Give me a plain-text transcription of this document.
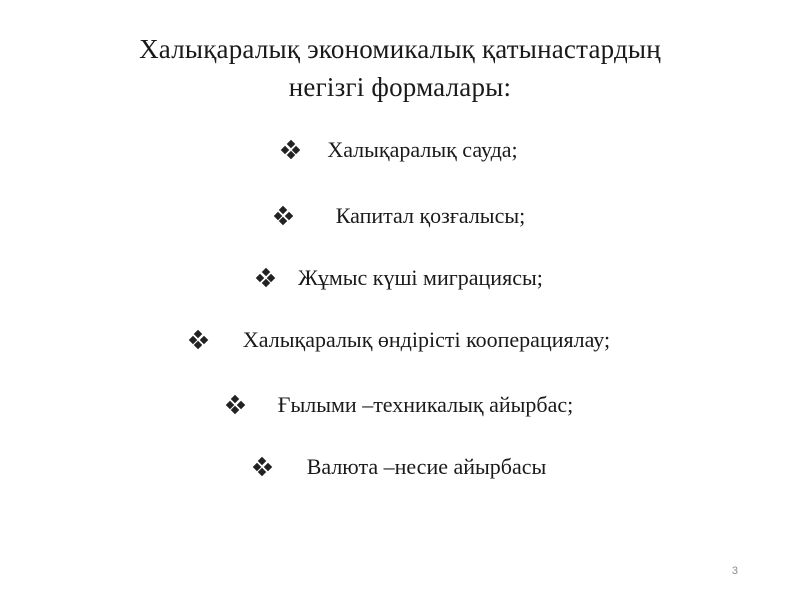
Халықаралық экономикалық қатынастардың
негізгі формалары:
Халықаралық сауда;
Капитал қозғалысы;
Жұмыс күші миграциясы;
Халықаралық өндірісті кооперациялау;
Ғылыми –техникалық айырбас;
Валюта –несие айырбасы
3
